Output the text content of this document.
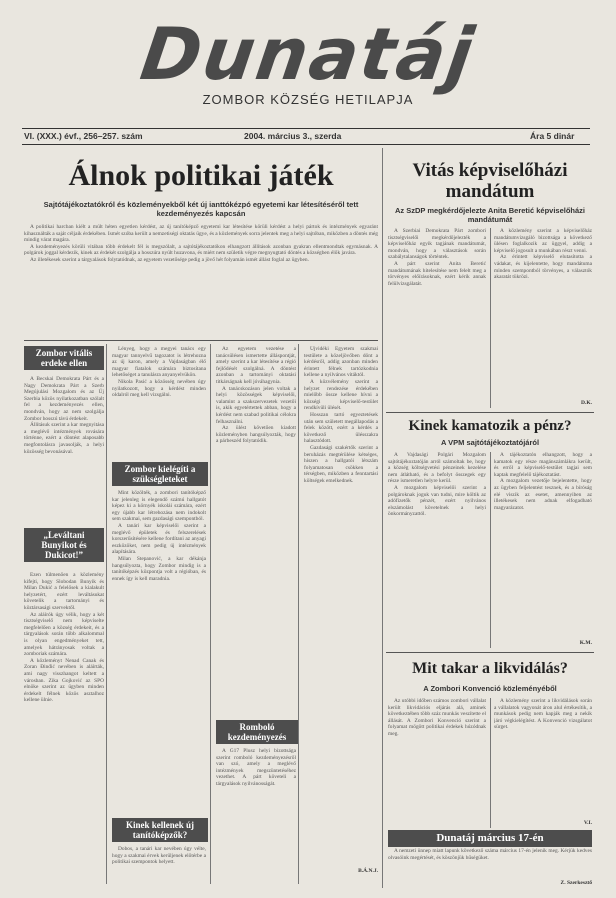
Dunatáj
ZOMBOR KÖZSÉG HETILAPJA
VI. (XXX.) évf., 256–257. szám	2004. március 3., szerda	Ára 5 dinár
Álnok politikai játék
Sajtótájékoztatókról és közleményekből két új ianttókézpó egyetemi kar létesítéséről tett kezdeményezés kapcsán

A politikai harcban kiélt a múlt héten egyetlen kérdést, az új tanítóképző egyetemi kar létesítése körüli kérdést a helyi pártok és intézmények egyaránt kihasználták a saját céljaik érdekében. Ismét szóba került a nemzetiségi oktatás ügye, és a közlemények sorra jelentek meg a helyi sajtóban, miközben a döntés még mindig várat magára.

A kezdeményezés körüli vitában több érdekelt fél is megszólalt, a sajtótájékoztatókon elhangzott állítások azonban gyakran ellentmondtak egymásnak. A polgárok joggal kérdezik, kinek az érdekét szolgálja a hosszúra nyúlt huzavona, és miért nem születik végre megnyugtató döntés a községben élők javára.

Az illetékesek szerint a tárgyalások folytatódnak, az egyetem vezetősége pedig a jövő hét folyamán ismét állást foglal az ügyben.

Zombor vitális erdeke ellen

A Becskai Demokrata Párt és a Nagy Demokrata Párt a Szerb Megújulási Mozgalom és az Új Szerbia közös nyilatkozatban szólalt fel a kezdeményezés ellen, mondván, hogy az nem szolgálja Zombor hosszú távú érdekeit.

Állításuk szerint a kar megnyitása a meglévő intézmények rovására történne, ezért a döntést alaposabb megfontolásra javasolják, a helyi közösség bevonásával.

„Leváltani Bunyikot és Dukicot!”

Ezen túlmenően a közlemény kifejti, hogy Slobodan Bunyik és Milan Dukić a felelősek a kialakult helyzetért, ezért leváltásukat követelik a tartományi és köztársasági szervektől.

Az aláírók úgy vélik, hogy a két tisztségviselő nem képviselte megfelelően a község érdekeit, és a tárgyalások során több alkalommal is olyan engedményeket tett, amelyek hátrányosak voltak a zomboriak számára.

A közleményt Nenad Canak és Zoran Đinđić nevében is aláírták, ami nagy visszhangot keltett a városban. Zika Gojković az SPO elnöke szerint az ügyben minden érdekelt félnek közös asztalhoz kellene ülnie.

Lényeg, hogy a megyei tanács egy magyar tannyelvű tagozatot is létrehozna az új karon, amely a Vajdaságban élő magyar fiatalok számára biztosítana lehetőséget a tanulásra anyanyelvükön.

Nikola Pasić a közösség nevében úgy nyilatkozott, hogy a kérdést minden oldalról meg kell vizsgálni.

Zombor kielégíti a szükségleteket

Mint közölték, a zombori tanítóképző kar jelenleg is elegendő számú hallgatót képez ki a környék iskolái számára, ezért egy újabb kar létrehozása nem indokolt sem szakmai, sem gazdasági szempontból.

A tanári kar képviselői szerint a meglévő épületek és felszerelések korszerűsítésére kellene fordítani az anyagi eszközöket, nem pedig új intézmények alapítására.

Milan Stepanović, a kar dékánja hangsúlyozta, hogy Zombor mindig is a tanítóképzés központja volt a régióban, és ennek így is kell maradnia.

Kinek kellenek új tanítóképzők?

Dobos, a tanári kar nevében úgy vélte, hogy a szakmai érvek kerüljenek előtérbe a politikai szempontok helyett.

Az egyetem vezetése a tanácsülésen ismertette álláspontját, amely szerint a kar létesítése a régió fejlődését szolgálná. A döntést azonban a tartományi oktatási titkárságnak kell jóváhagynia.

A tanácskozáson jelen voltak a helyi közösségek képviselői, valamint a szakszervezetek vezetői is, akik egyetértettek abban, hogy a kérdést nem szabad politikai célokra felhasználni.

Az ülést követően kiadott közleményben hangsúlyozták, hogy a párbeszéd folytatódik.

Romboló kezdeményezés

A G17 Plusz helyi bizottsága szerint romboló kezdeményezésről van szó, amely a meglévő intézmények megszüntetéséhez vezethet. A párt követeli a tárgyalások nyilvánosságát.

Újvidéki Egyetem szakmai testülete a közeljövőben dönt a kérdésről, addig azonban minden érintett félnek tartózkodnia kellene a nyilvános vitáktól.

A közvélemény szerint a helyzet rendezése érdekében mielőbb össze kellene hívni a községi képviselő-testület rendkívüli ülését.

Hosszan tartó egyeztetések után sem született megállapodás a felek között, ezért a kérdés a következő ülésszakra halasztódott.

Gazdasági szakértők szerint a beruházás megtérülése kétséges, hiszen a hallgatói létszám folyamatosan csökken a térségben, miközben a fenntartási költségek emelkednek.

B.Á.N.J.
Vitás képviselőházi mandátum
Az SzDP megkérdőjelezte Anita Beretić képviselőházi mandátumát

A Szerbiai Demokrata Párt zombori tisztségviselői megkérdőjelezték a képviselőház egyik tagjának mandátumát, mondván, hogy a választások során szabálytalanságok történtek.

A párt szerint Anita Beretić mandátumának hitelesítése nem felelt meg a törvényes előírásoknak, ezért kérik annak felülvizsgálatát.

A közlemény szerint a képviselőház mandátumvizsgáló bizottsága a következő ülésen foglalkozik az üggyel, addig a képviselő jogosult a munkában részt venni.

Az érintett képviselő elutasította a vádakat, és kijelentette, hogy mandátuma minden szempontból törvényes, a választók akaratát tükrözi.

D.K.
Kinek kamatozik a pénz?
A VPM sajtótájékoztatójáról

A Vajdasági Polgári Mozgalom sajtótájékoztatóján arról számoltak be, hogy a község költségvetési pénzeinek kezelése nem átlátható, és a befolyt összegek egy része ismeretlen helyre kerül.

A mozgalom képviselői szerint a polgároknak joguk van tudni, mire költik az adófizetők pénzét, ezért nyilvános elszámolást követelnek a helyi önkormányzattól.

A tájékoztatón elhangzott, hogy a kamatok egy része magánszámlákra került, és erről a képviselő-testület tagjai sem kaptak megfelelő tájékoztatást.

A mozgalom vezetője bejelentette, hogy az ügyben feljelentést tesznek, és a bíróság elé viszik az esetet, amennyiben az illetékesek nem adnak elfogadható magyarázatot.

K.M.
Mit takar a likvidálás?
A Zombori Konvenció közleményéből

Az utóbbi időben számos zombori vállalat került likvidációs eljárás alá, aminek következtében több száz munkás veszítette el állását. A Zombori Konvenció szerint a folyamat mögött politikai érdekek húzódnak meg.

A közlemény szerint a likvidálások során a vállalatok vagyonát áron alul értékesítik, a munkások pedig nem kapják meg a nekik járó végkielégítést. A Konvenció vizsgálatot sürget.

V.I.
Dunatáj március 17-én

A nemzeti ünnep miatt lapunk következő száma március 17-én jelenik meg. Kérjük kedves olvasóink megértését, és köszönjük hűségüket.

Z. Szerkesztő
